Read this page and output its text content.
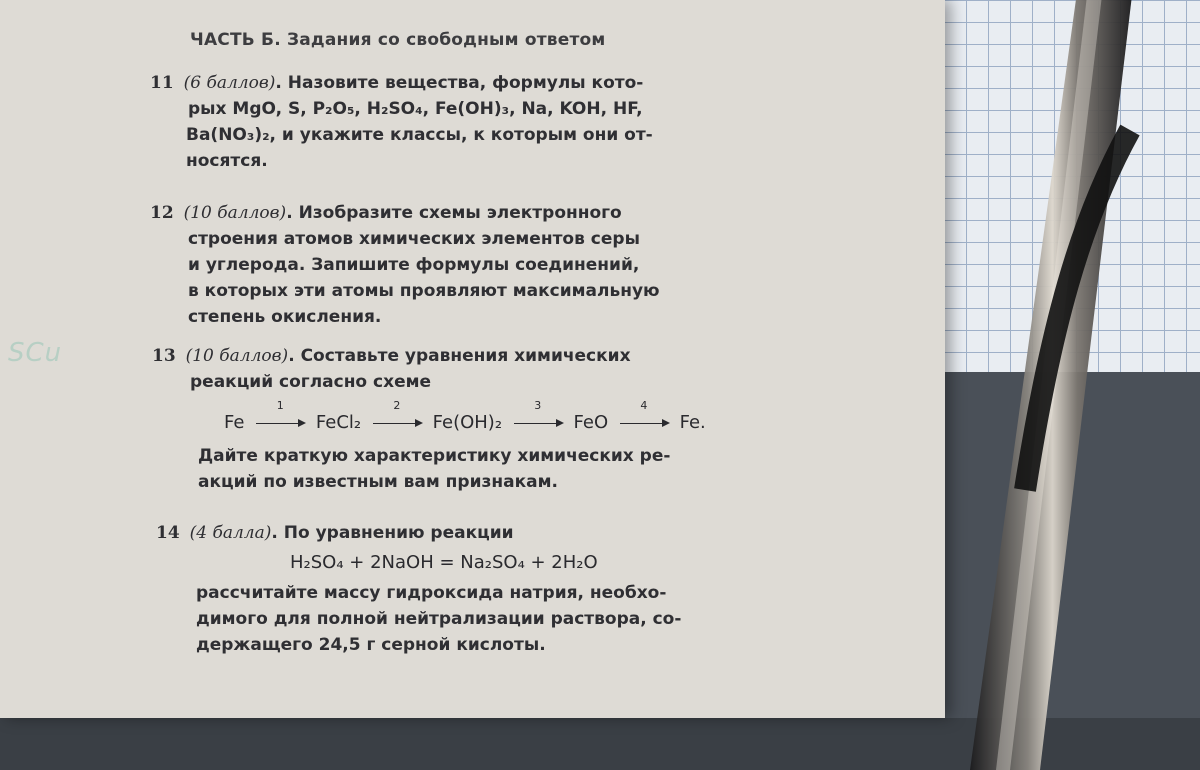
SCu
ЧАСТЬ Б. Задания со свободным ответом
11 (6 баллов). Назовите вещества, формулы кото-
рых MgO, S, P₂O₅, H₂SO₄, Fe(OH)₃, Na, KOH, HF,
Ba(NO₃)₂, и укажите классы, к которым они от-
носятся.
12 (10 баллов). Изобразите схемы электронного
строения атомов химических элементов серы
и углерода. Запишите формулы соединений,
в которых эти атомы проявляют максимальную
степень окисления.
13 (10 баллов). Составьте уравнения химических
реакций согласно схеме
Fe
1
FeCl₂
2
Fe(OH)₂
3
FeO
4
Fe.
Дайте краткую характеристику химических ре-
акций по известным вам признакам.
14 (4 балла). По уравнению реакции
H₂SO₄ + 2NaOH = Na₂SO₄ + 2H₂O
рассчитайте массу гидроксида натрия, необхо-
димого для полной нейтрализации раствора, со-
держащего 24,5 г серной кислоты.
